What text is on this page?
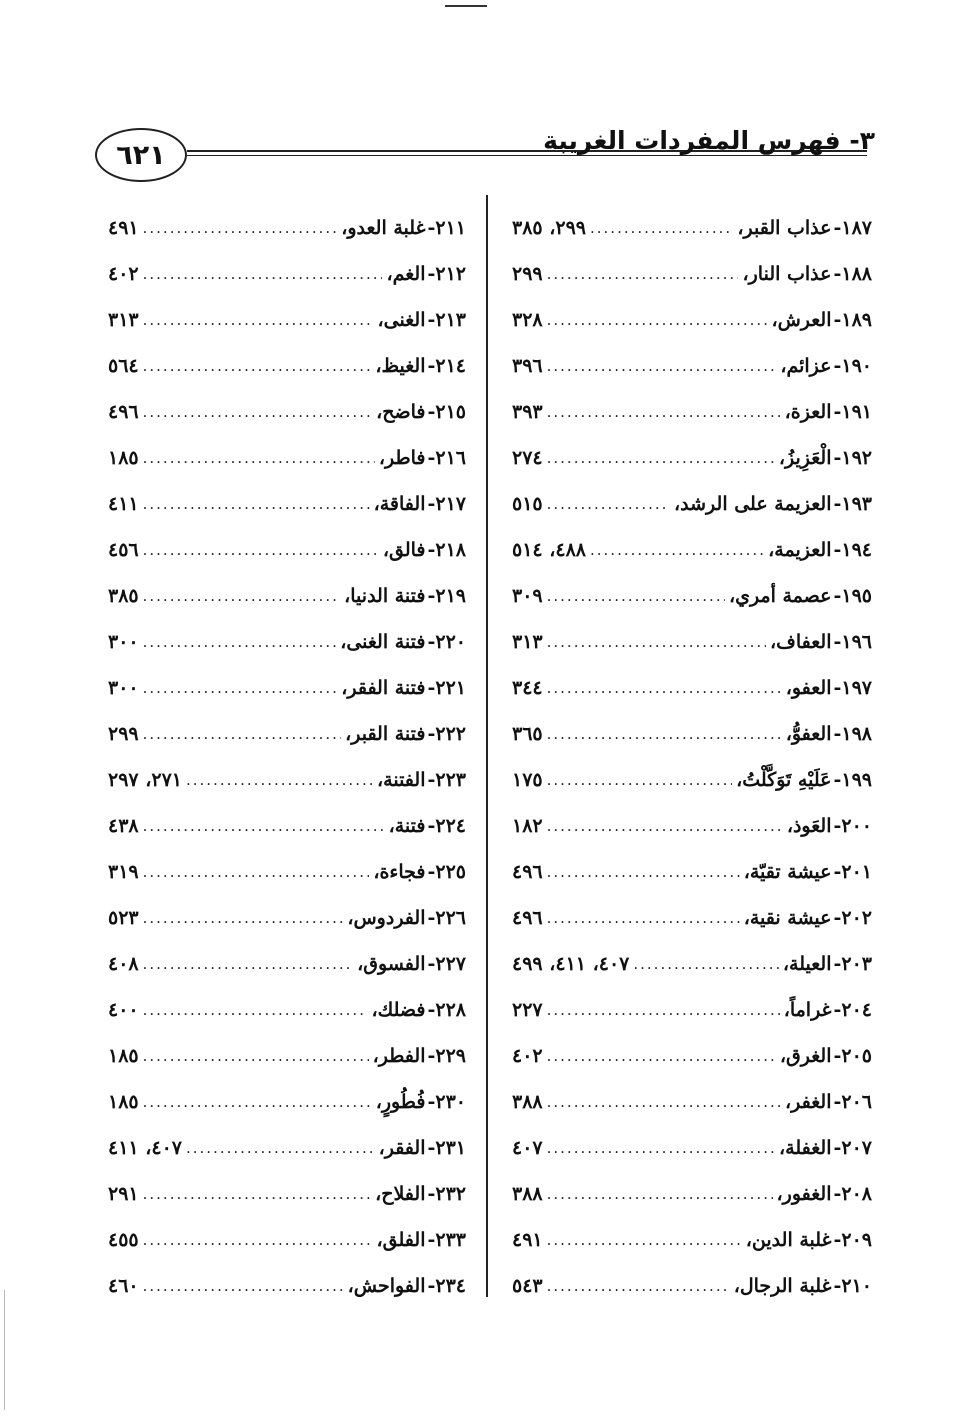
٦٢١	٣- فهرس المفردات الغريبة
١٨٧-
عذاب القبر،
.....
٢٩٩، ٣٨٥
١٨٨-
عذاب النار،
.....
٢٩٩
١٨٩-
العرش،
.....
٣٢٨
١٩٠-
عزائم،
.....
٣٩٦
١٩١-
العزة،
.....
٣٩٣
١٩٢-
الْعَزِيزُ،
.....
٢٧٤
١٩٣-
العزيمة على الرشد،
.....
٥١٥
١٩٤-
العزيمة،
.....
٤٨٨، ٥١٤
١٩٥-
عصمة أمري،
.....
٣٠٩
١٩٦-
العفاف،
.....
٣١٣
١٩٧-
العفو،
.....
٣٤٤
١٩٨-
العفوُّ،
.....
٣٦٥
١٩٩-
عَلَيْهِ تَوَكَّلْتُ،
.....
١٧٥
٢٠٠-
العَوذ،
.....
١٨٢
٢٠١-
عيشة تقيّة،
.....
٤٩٦
٢٠٢-
عيشة نقية،
.....
٤٩٦
٢٠٣-
العيلة،
.....
٤٠٧، ٤١١، ٤٩٩
٢٠٤-
غراماً،
.....
٢٢٧
٢٠٥-
الغرق،
.....
٤٠٢
٢٠٦-
الغفر،
.....
٣٨٨
٢٠٧-
الغفلة،
.....
٤٠٧
٢٠٨-
الغفور،
.....
٣٨٨
٢٠٩-
غلبة الدين،
.....
٤٩١
٢١٠-
غلبة الرجال،
.....
٥٤٣
٢١١-
غلبة العدو،
.....
٤٩١
٢١٢-
الغم،
.....
٤٠٢
٢١٣-
الغنى،
.....
٣١٣
٢١٤-
الغيظ،
.....
٥٦٤
٢١٥-
فاضح،
.....
٤٩٦
٢١٦-
فاطر،
.....
١٨٥
٢١٧-
الفاقة،
.....
٤١١
٢١٨-
فالق،
.....
٤٥٦
٢١٩-
فتنة الدنيا،
.....
٣٨٥
٢٢٠-
فتنة الغنى،
.....
٣٠٠
٢٢١-
فتنة الفقر،
.....
٣٠٠
٢٢٢-
فتنة القبر،
.....
٢٩٩
٢٢٣-
الفتنة،
.....
٢٧١، ٢٩٧
٢٢٤-
فتنة،
.....
٤٣٨
٢٢٥-
فجاءة،
.....
٣١٩
٢٢٦-
الفردوس،
.....
٥٢٣
٢٢٧-
الفسوق،
.....
٤٠٨
٢٢٨-
فضلك،
.....
٤٠٠
٢٢٩-
الفطر،
.....
١٨٥
٢٣٠-
فُطُورٍ،
.....
١٨٥
٢٣١-
الفقر،
.....
٤٠٧، ٤١١
٢٣٢-
الفلاح،
.....
٢٩١
٢٣٣-
الفلق،
.....
٤٥٥
٢٣٤-
الفواحش،
.....
٤٦٠
